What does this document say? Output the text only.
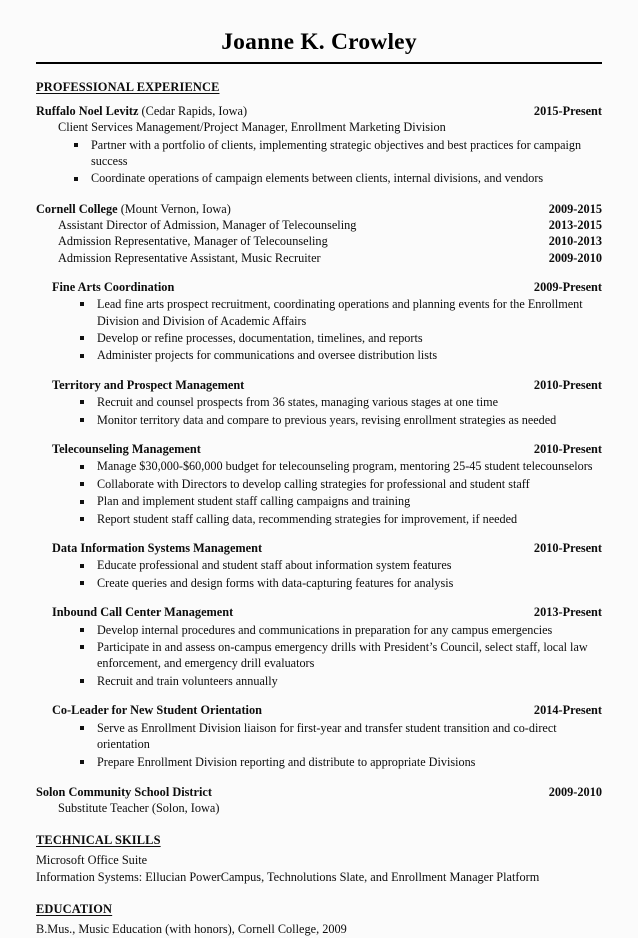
Joanne K. Crowley
PROFESSIONAL EXPERIENCE
Ruffalo Noel Levitz (Cedar Rapids, Iowa)	2015-Present
Client Services Management/Project Manager, Enrollment Marketing Division
Partner with a portfolio of clients, implementing strategic objectives and best practices for campaign success
Coordinate operations of campaign elements between clients, internal divisions, and vendors
Cornell College (Mount Vernon, Iowa)	2009-2015
Assistant Director of Admission, Manager of Telecounseling	2013-2015
Admission Representative, Manager of Telecounseling	2010-2013
Admission Representative Assistant, Music Recruiter	2009-2010
Fine Arts Coordination	2009-Present
Lead fine arts prospect recruitment, coordinating operations and planning events for the Enrollment Division and Division of Academic Affairs
Develop or refine processes, documentation, timelines, and reports
Administer projects for communications and oversee distribution lists
Territory and Prospect Management	2010-Present
Recruit and counsel prospects from 36 states, managing various stages at one time
Monitor territory data and compare to previous years, revising enrollment strategies as needed
Telecounseling Management	2010-Present
Manage $30,000-$60,000 budget for telecounseling program, mentoring 25-45 student telecounselors
Collaborate with Directors to develop calling strategies for professional and student staff
Plan and implement student staff calling campaigns and training
Report student staff calling data, recommending strategies for improvement, if needed
Data Information Systems Management	2010-Present
Educate professional and student staff about information system features
Create queries and design forms with data-capturing features for analysis
Inbound Call Center Management	2013-Present
Develop internal procedures and communications in preparation for any campus emergencies
Participate in and assess on-campus emergency drills with President’s Council, select staff, local law enforcement, and emergency drill evaluators
Recruit and train volunteers annually
Co-Leader for New Student Orientation	2014-Present
Serve as Enrollment Division liaison for first-year and transfer student transition and co-direct orientation
Prepare Enrollment Division reporting and distribute to appropriate Divisions
Solon Community School District	2009-2010
Substitute Teacher (Solon, Iowa)
TECHNICAL SKILLS
Microsoft Office Suite
Information Systems: Ellucian PowerCampus, Technolutions Slate, and Enrollment Manager Platform
EDUCATION
B.Mus., Music Education (with honors), Cornell College, 2009
